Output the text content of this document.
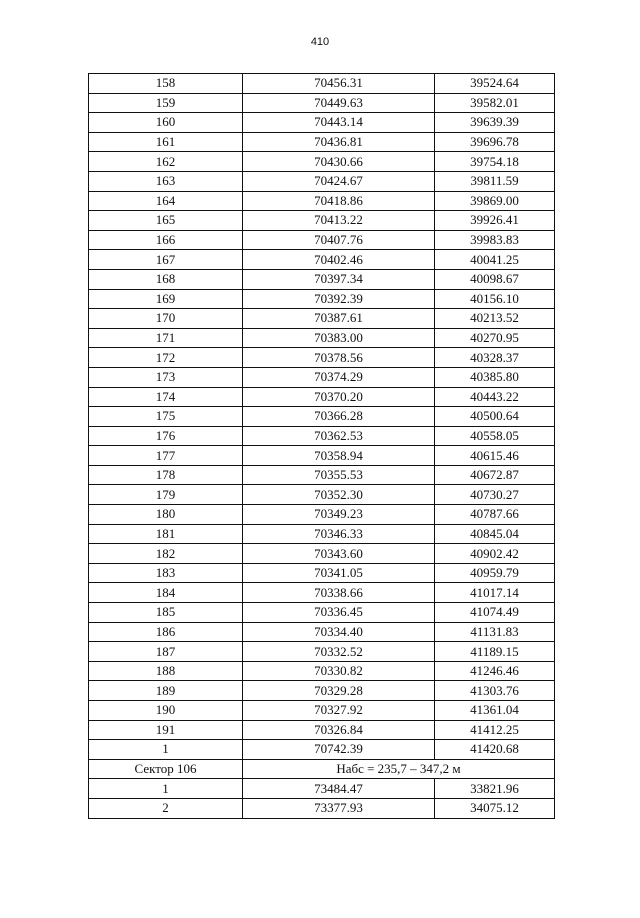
410
158	70456.31	39524.64
159	70449.63	39582.01
160	70443.14	39639.39
161	70436.81	39696.78
162	70430.66	39754.18
163	70424.67	39811.59
164	70418.86	39869.00
165	70413.22	39926.41
166	70407.76	39983.83
167	70402.46	40041.25
168	70397.34	40098.67
169	70392.39	40156.10
170	70387.61	40213.52
171	70383.00	40270.95
172	70378.56	40328.37
173	70374.29	40385.80
174	70370.20	40443.22
175	70366.28	40500.64
176	70362.53	40558.05
177	70358.94	40615.46
178	70355.53	40672.87
179	70352.30	40730.27
180	70349.23	40787.66
181	70346.33	40845.04
182	70343.60	40902.42
183	70341.05	40959.79
184	70338.66	41017.14
185	70336.45	41074.49
186	70334.40	41131.83
187	70332.52	41189.15
188	70330.82	41246.46
189	70329.28	41303.76
190	70327.92	41361.04
191	70326.84	41412.25
1	70742.39	41420.68
Сектор 106	Набс = 235,7 – 347,2 м	
1	73484.47	33821.96
2	73377.93	34075.12
